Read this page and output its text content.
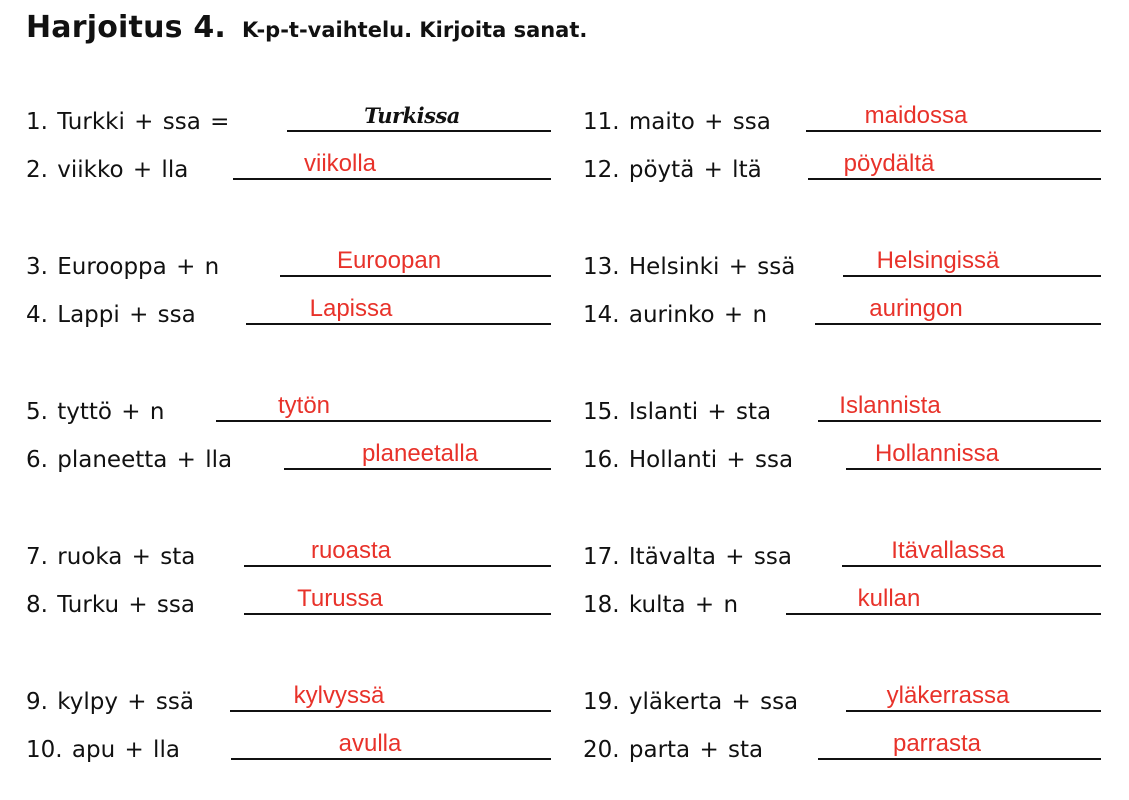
Harjoitus 4. K-p-t-vaihtelu. Kirjoita sanat.
1. Turkki + ssa =	Turkissa
2. viikko + lla	viikolla
3. Eurooppa + n	Euroopan
4. Lappi + ssa	Lapissa
5. tyttö + n	tytön
6. planeetta + lla	planeetalla
7. ruoka + sta	ruoasta
8. Turku + ssa	Turussa
9. kylpy + ssä	kylvyssä
10. apu + lla	avulla
11. maito + ssa	maidossa
12. pöytä + ltä	pöydältä
13. Helsinki + ssä	Helsingissä
14. aurinko + n	auringon
15. Islanti + sta	Islannista
16. Hollanti + ssa	Hollannissa
17. Itävalta + ssa	Itävallassa
18. kulta + n	kullan
19. yläkerta + ssa	yläkerrassa
20. parta + sta	parrasta
